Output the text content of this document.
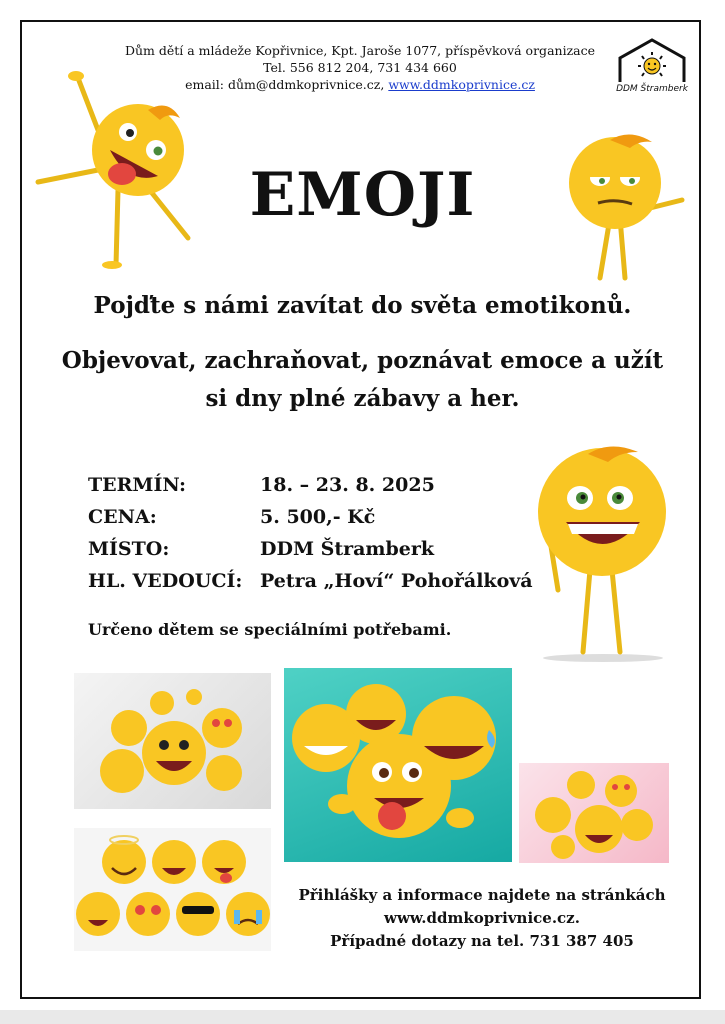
Dům dětí a mládeže Kopřivnice, Kpt. Jaroše 1077, příspěvková organizace
Tel. 556 812 204, 731 434 660
email: dům@ddmkoprivnice.cz, www.ddmkoprivnice.cz	DDM Štramberk
EMOJI
Pojďte s námi zavítat do světa emotikonů.
Objevovat, zachraňovat, poznávat emoce a užít
si dny plné zábavy a her.
TERMÍN:	18. – 23. 8. 2025
CENA:	5. 500,- Kč
MÍSTO:	DDM Štramberk
HL. VEDOUCÍ: Petra „Hoví“ Pohořálková
Určeno dětem se speciálními potřebami.
Přihlášky a informace najdete na stránkách
www.ddmkoprivnice.cz.
Případné dotazy na tel. 731 387 405
